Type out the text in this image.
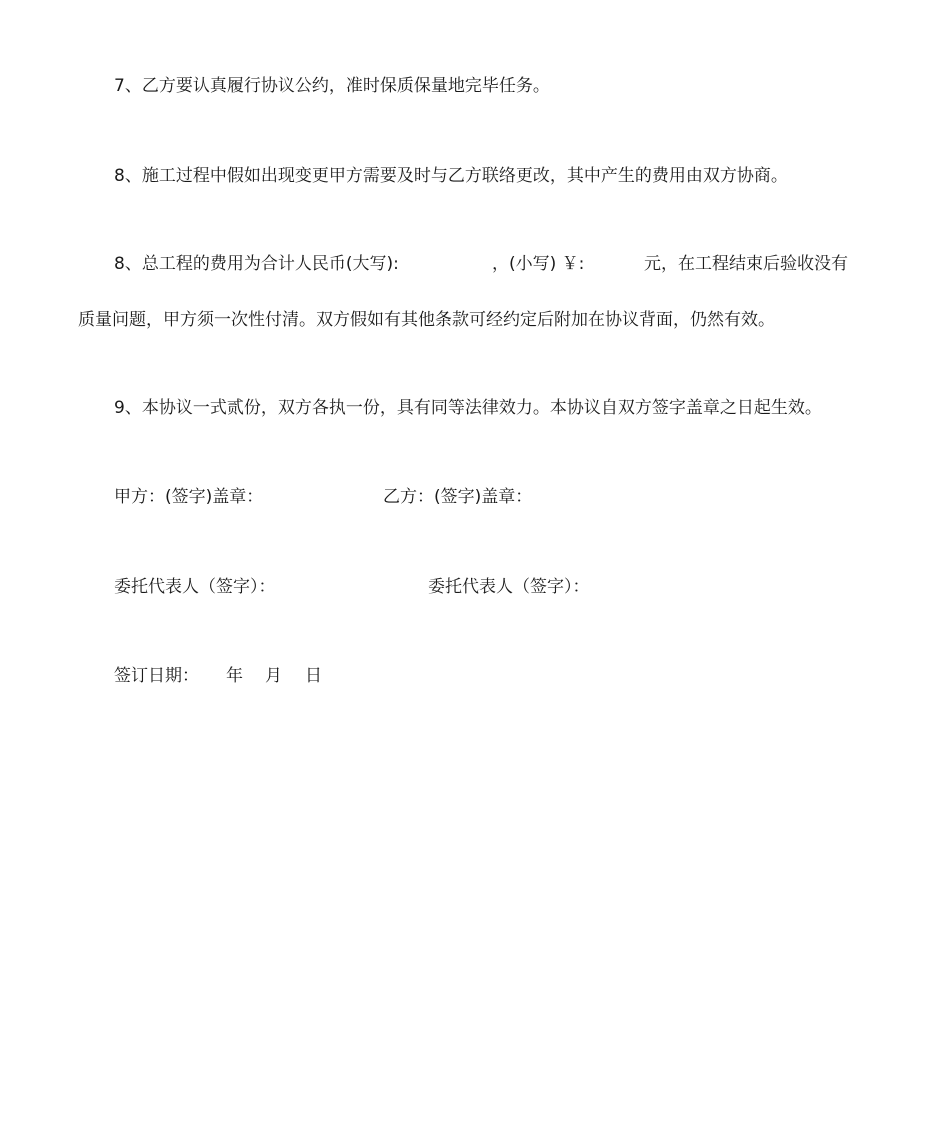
7、乙方要认真履行协议公约，准时保质保量地完毕任务。
8、施工过程中假如出现变更甲方需要及时与乙方联络更改，其中产生的费用由双方协商。
8、总工程的费用为合计人民币(大写):	，(小写) ￥:	元，在工程结束后验收没有
质量问题，甲方须一次性付清。双方假如有其他条款可经约定后附加在协议背面，仍然有效。
9、本协议一式贰份，双方各执一份，具有同等法律效力。本协议自双方签字盖章之日起生效。
甲方：(签字)盖章：	乙方：(签字)盖章：
委托代表人（签字）：	委托代表人（签字）：
签订日期： 年 月 日
